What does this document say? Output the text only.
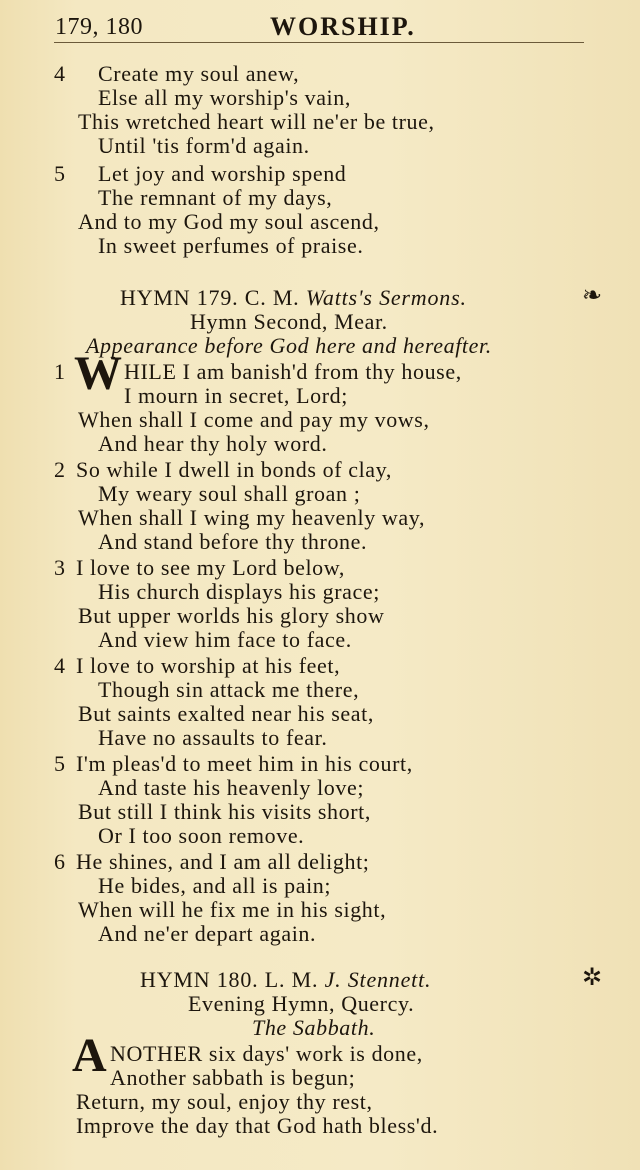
179, 180	WORSHIP.
4 Create my soul anew,
Else all my worship's vain,
This wretched heart will ne'er be true,
Until 'tis form'd again.
5 Let joy and worship spend
The remnant of my days,
And to my God my soul ascend,
In sweet perfumes of praise.
HYMN 179. C. M. Watts's Sermons.	❧
Hymn Second, Mear.
Appearance before God here and hereafter.
1 W HILE I am banish'd from thy house,
I mourn in secret, Lord;
When shall I come and pay my vows,
And hear thy holy word.
2 So while I dwell in bonds of clay,
My weary soul shall groan ;
When shall I wing my heavenly way,
And stand before thy throne.
3 I love to see my Lord below,
His church displays his grace;
But upper worlds his glory show
And view him face to face.
4 I love to worship at his feet,
Though sin attack me there,
But saints exalted near his seat,
Have no assaults to fear.
5 I'm pleas'd to meet him in his court,
And taste his heavenly love;
But still I think his visits short,
Or I too soon remove.
6 He shines, and I am all delight;
He bides, and all is pain;
When will he fix me in his sight,
And ne'er depart again.
HYMN 180. L. M. J. Stennett.	✲
Evening Hymn, Quercy.
The Sabbath.
A NOTHER six days' work is done,
Another sabbath is begun;
Return, my soul, enjoy thy rest,
Improve the day that God hath bless'd.
